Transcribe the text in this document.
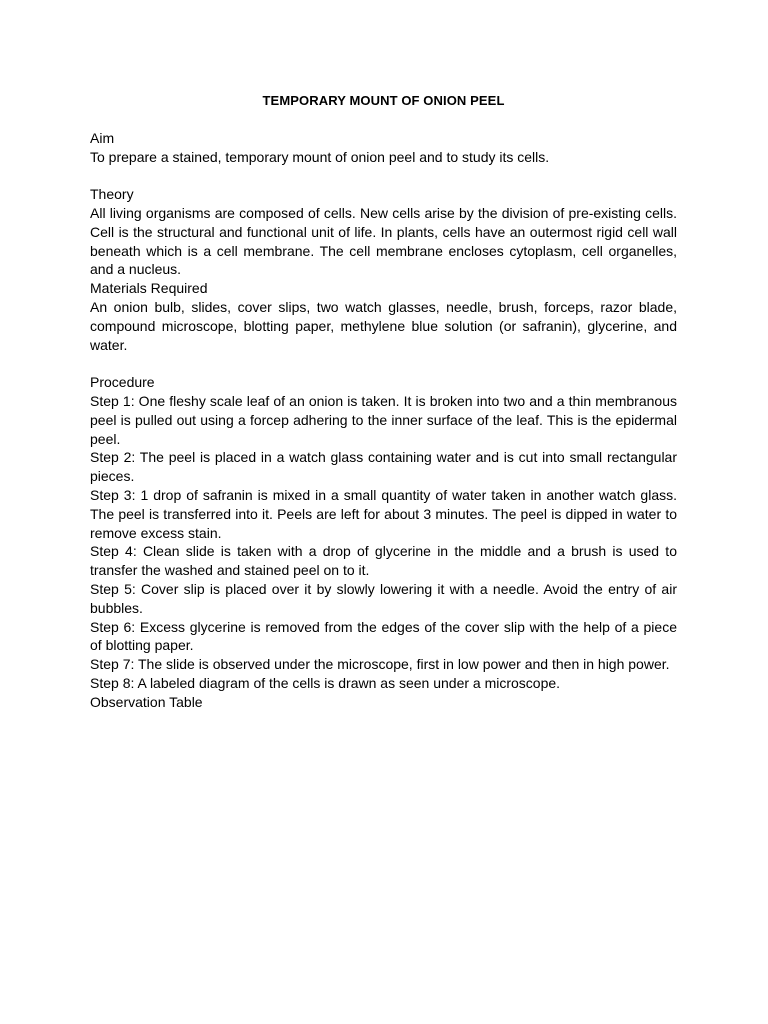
TEMPORARY MOUNT OF ONION PEEL

Aim

To prepare a stained, temporary mount of onion peel and to study its cells.

Theory

All living organisms are composed of cells. New cells arise by the division of pre-existing cells. Cell is the structural and functional unit of life. In plants, cells have an outermost rigid cell wall beneath which is a cell membrane. The cell membrane encloses cytoplasm, cell organelles, and a nucleus.

Materials Required

An onion bulb, slides, cover slips, two watch glasses, needle, brush, forceps, razor blade, compound microscope, blotting paper, methylene blue solution (or safranin), glycerine, and water.

Procedure

Step 1: One fleshy scale leaf of an onion is taken. It is broken into two and a thin membranous peel is pulled out using a forcep adhering to the inner surface of the leaf. This is the epidermal peel.

Step 2: The peel is placed in a watch glass containing water and is cut into small rectangular pieces.

Step 3: 1 drop of safranin is mixed in a small quantity of water taken in another watch glass. The peel is transferred into it. Peels are left for about 3 minutes. The peel is dipped in water to remove excess stain.

Step 4: Clean slide is taken with a drop of glycerine in the middle and a brush is used to transfer the washed and stained peel on to it.

Step 5: Cover slip is placed over it by slowly lowering it with a needle. Avoid the entry of air bubbles.

Step 6: Excess glycerine is removed from the edges of the cover slip with the help of a piece of blotting paper.

Step 7: The slide is observed under the microscope, first in low power and then in high power.

Step 8: A labeled diagram of the cells is drawn as seen under a microscope.

Observation Table
